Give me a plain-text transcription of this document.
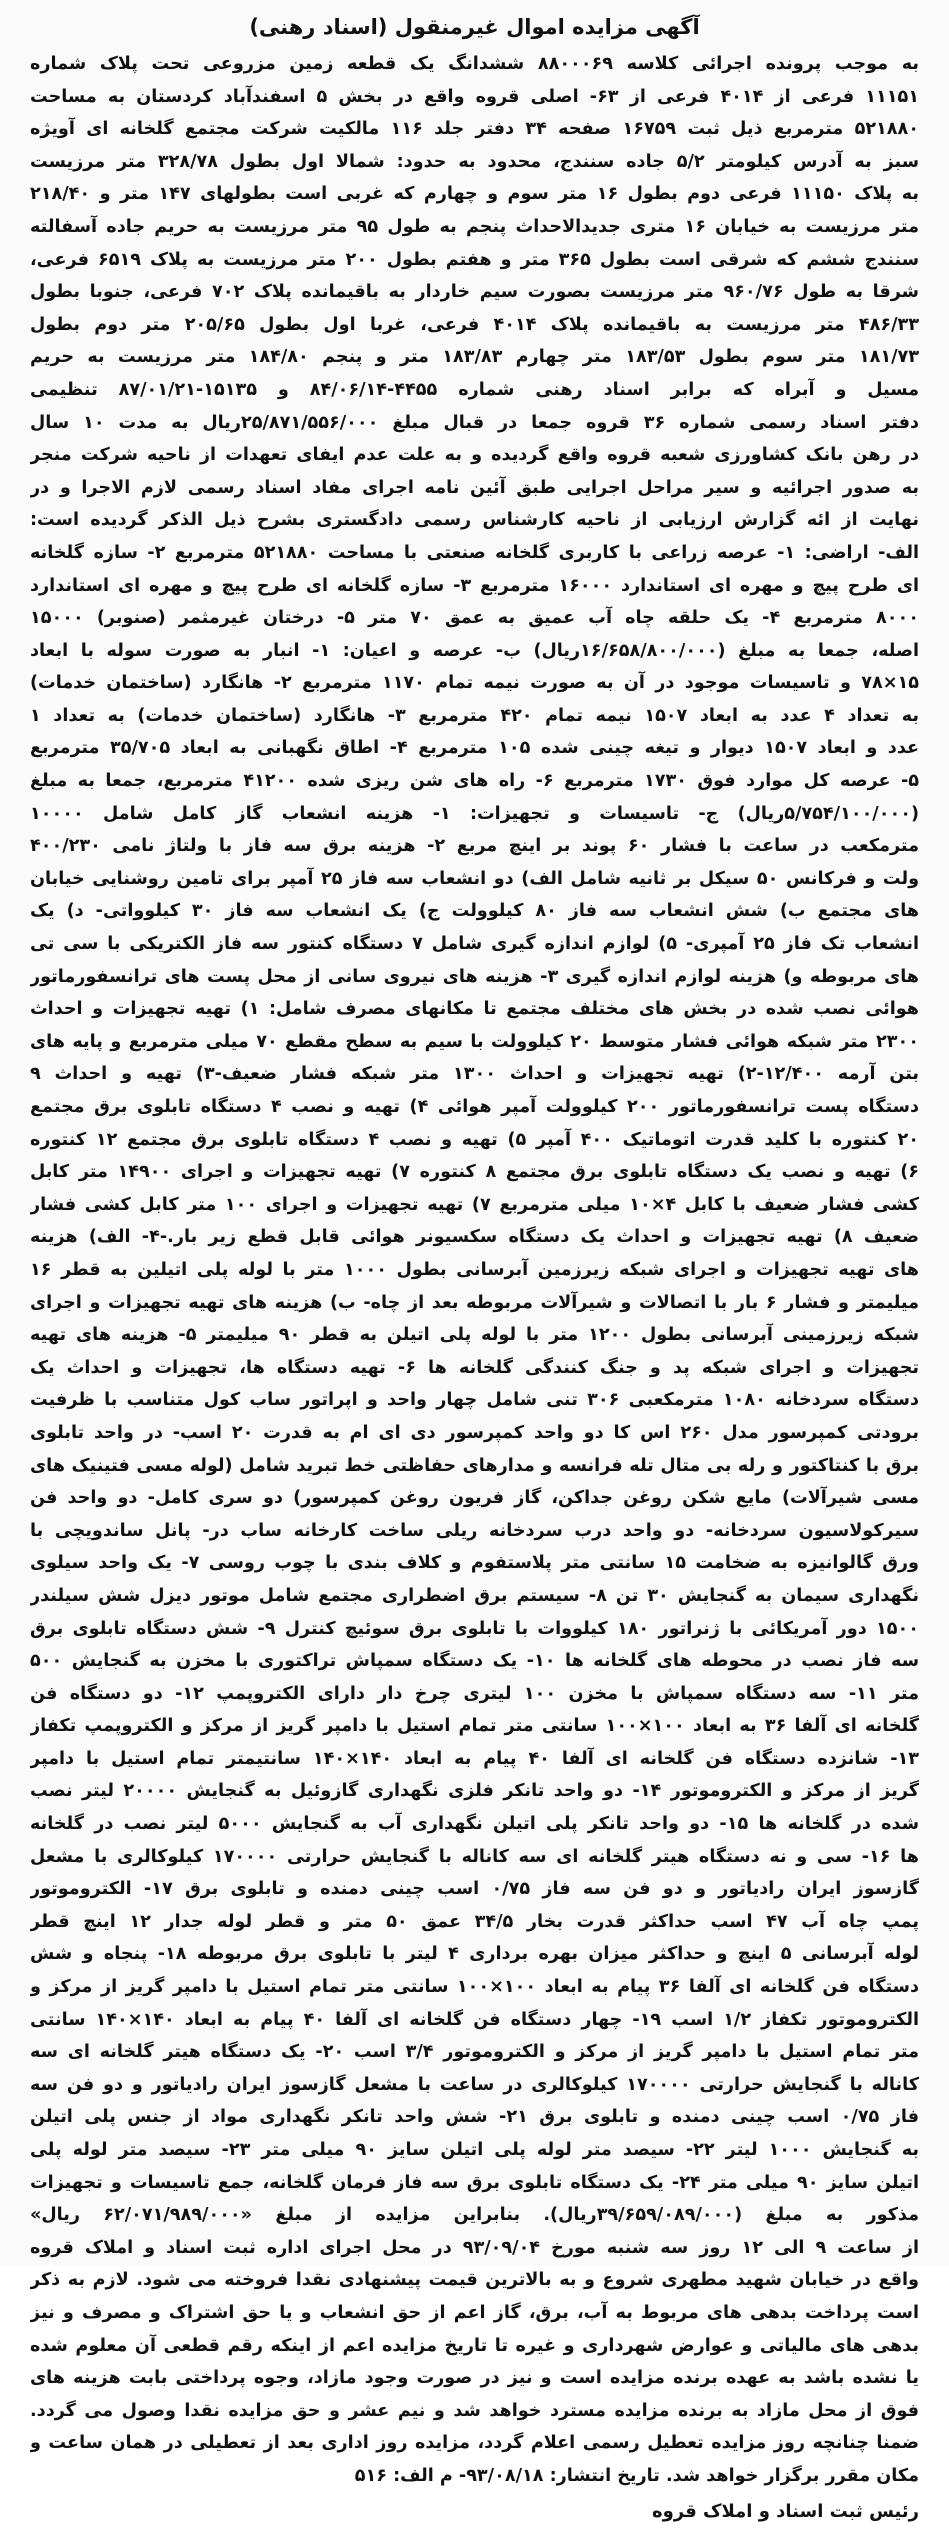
آگهی مزایده اموال غیرمنقول (اسناد رهنی)
به موجب پرونده اجرائی کلاسه ۸۸۰۰۰۶۹ ششدانگ یک قطعه زمین مزروعی تحت پلاک شماره
۱۱۱۵۱ فرعی از ۴۰۱۴ فرعی از ۶۳- اصلی قروه واقع در بخش ۵ اسفندآباد کردستان به مساحت
۵۲۱۸۸۰ مترمربع ذیل ثبت ۱۶۷۵۹ صفحه ۳۴ دفتر جلد ۱۱۶ مالکیت شرکت مجتمع گلخانه ای آویژه
سبز به آدرس کیلومتر ۵/۲ جاده سنندج، محدود به حدود: شمالا اول بطول ۳۲۸/۷۸ متر مرزیست
به پلاک ۱۱۱۵۰ فرعی دوم بطول ۱۶ متر سوم و چهارم که غربی است بطولهای ۱۴۷ متر و ۲۱۸/۴۰
متر مرزیست به خیابان ۱۶ متری جدیدالاحداث پنجم به طول ۹۵ متر مرزیست به حریم جاده آسفالته
سنندج ششم که شرقی است بطول ۳۶۵ متر و هفتم بطول ۲۰۰ متر مرزیست به پلاک ۶۵۱۹ فرعی،
شرقا به طول ۹۶۰/۷۶ متر مرزیست بصورت سیم خاردار به باقیمانده پلاک ۷۰۲ فرعی، جنوبا بطول
۴۸۶/۳۳ متر مرزیست به باقیمانده پلاک ۴۰۱۴ فرعی، غربا اول بطول ۲۰۵/۶۵ متر دوم بطول
۱۸۱/۷۳ متر سوم بطول ۱۸۳/۵۳ متر چهارم ۱۸۳/۸۳ متر و پنجم ۱۸۴/۸۰ متر مرزیست به حریم
مسیل و آبراه که برابر اسناد رهنی شماره ۴۴۵۵-۸۴/۰۶/۱۴ و ۱۵۱۳۵-۸۷/۰۱/۲۱ تنظیمی
دفتر اسناد رسمی شماره ۳۶ قروه جمعا در قبال مبلغ ۲۵/۸۷۱/۵۵۶/۰۰۰ریال به مدت ۱۰ سال
در رهن بانک کشاورزی شعبه قروه واقع گردیده و به علت عدم ایفای تعهدات از ناحیه شرکت منجر
به صدور اجرائیه و سیر مراحل اجرایی طبق آئین نامه اجرای مفاد اسناد رسمی لازم الاجرا و در
نهایت از ائه گزارش ارزیابی از ناحیه کارشناس رسمی دادگستری بشرح ذیل الذکر گردیده است:
الف- اراضی: ۱- عرصه زراعی با کاربری گلخانه صنعتی با مساحت ۵۲۱۸۸۰ مترمربع ۲- سازه گلخانه
ای طرح پیچ و مهره ای استاندارد ۱۶۰۰۰ مترمربع ۳- سازه گلخانه ای طرح پیچ و مهره ای استاندارد
۸۰۰۰ مترمربع ۴- یک حلقه چاه آب عمیق به عمق ۷۰ متر ۵- درختان غیرمثمر (صنوبر) ۱۵۰۰۰
اصله، جمعا به مبلغ (۱۶/۶۵۸/۸۰۰/۰۰۰ریال) ب- عرصه و اعیان: ۱- انبار به صورت سوله با ابعاد
۱۵×۷۸ و تاسیسات موجود در آن به صورت نیمه تمام ۱۱۷۰ مترمربع ۲- هانگارد (ساختمان خدمات)
به تعداد ۴ عدد به ابعاد ۱۵۰۷ نیمه تمام ۴۲۰ مترمربع ۳- هانگارد (ساختمان خدمات) به تعداد ۱
عدد و ابعاد ۱۵۰۷ دیوار و تیغه چینی شده ۱۰۵ مترمربع ۴- اطاق نگهبانی به ابعاد ۳۵/۷۰۵ مترمربع
۵- عرصه کل موارد فوق ۱۷۳۰ مترمربع ۶- راه های شن ریزی شده ۴۱۲۰۰ مترمربع، جمعا به مبلغ
(۵/۷۵۴/۱۰۰/۰۰۰ریال) ج- تاسیسات و تجهیزات: ۱- هزینه انشعاب گاز کامل شامل ۱۰۰۰۰
مترمکعب در ساعت با فشار ۶۰ پوند بر اینچ مربع ۲- هزینه برق سه فاز با ولتاژ نامی ۴۰۰/۲۳۰
ولت و فرکانس ۵۰ سیکل بر ثانیه شامل الف) دو انشعاب سه فاز ۲۵ آمپر برای تامین روشنایی خیابان
های مجتمع ب) شش انشعاب سه فاز ۸۰ کیلوولت ج) یک انشعاب سه فاز ۳۰ کیلوواتی- د) یک
انشعاب تک فاز ۲۵ آمپری- ۵) لوازم اندازه گیری شامل ۷ دستگاه کنتور سه فاز الکتریکی با سی تی
های مربوطه و) هزینه لوازم اندازه گیری ۳- هزینه های نیروی سانی از محل پست های ترانسفورماتور
هوائی نصب شده در بخش های مختلف مجتمع تا مکانهای مصرف شامل: ۱) تهیه تجهیزات و احداث
۲۳۰۰ متر شبکه هوائی فشار متوسط ۲۰ کیلوولت با سیم به سطح مقطع ۷۰ میلی مترمربع و پایه های
بتن آرمه ۱۲/۴۰۰-۲) تهیه تجهیزات و احداث ۱۳۰۰ متر شبکه فشار ضعیف-۳) تهیه و احداث ۹
دستگاه پست ترانسفورماتور ۲۰۰ کیلوولت آمپر هوائی ۴) تهیه و نصب ۴ دستگاه تابلوی برق مجتمع
۲۰ کنتوره با کلید قدرت اتوماتیک ۴۰۰ آمپر ۵) تهیه و نصب ۴ دستگاه تابلوی برق مجتمع ۱۲ کنتوره
۶) تهیه و نصب یک دستگاه تابلوی برق مجتمع ۸ کنتوره ۷) تهیه تجهیزات و اجرای ۱۴۹۰۰ متر کابل
کشی فشار ضعیف با کابل ۴×۱۰ میلی مترمربع ۷) تهیه تجهیزات و اجرای ۱۰۰ متر کابل کشی فشار
ضعیف ۸) تهیه تجهیزات و احداث یک دستگاه سکسیونر هوائی قابل قطع زیر بار.-۴- الف) هزینه
های تهیه تجهیزات و اجرای شبکه زیرزمین آبرسانی بطول ۱۰۰۰ متر با لوله پلی اتیلین به قطر ۱۶
میلیمتر و فشار ۶ بار با اتصالات و شیرآلات مربوطه بعد از چاه- ب) هزینه های تهیه تجهیزات و اجرای
شبکه زیرزمینی آبرسانی بطول ۱۲۰۰ متر با لوله پلی اتیلن به قطر ۹۰ میلیمتر ۵- هزینه های تهیه
تجهیزات و اجرای شبکه پد و جنگ کنندگی گلخانه ها ۶- تهیه دستگاه ها، تجهیزات و احداث یک
دستگاه سردخانه ۱۰۸۰ مترمکعبی ۳۰۶ تنی شامل چهار واحد و اپراتور ساب کول متناسب با ظرفیت
برودتی کمپرسور مدل ۲۶۰ اس کا دو واحد کمپرسور دی ای ام به قدرت ۲۰ اسب- در واحد تابلوی
برق با کنتاکتور و رله بی متال تله فرانسه و مدارهای حفاظتی خط تبرید شامل (لوله مسی فتینیک های
مسی شیرآلات) مایع شکن روغن جداکن، گاز فریون روغن کمپرسور) دو سری کامل- دو واحد فن
سیرکولاسیون سردخانه- دو واحد درب سردخانه ریلی ساخت کارخانه ساب در- پانل ساندویچی با
ورق گالوانیزه به ضخامت ۱۵ سانتی متر پلاستفوم و کلاف بندی با چوب روسی ۷- یک واحد سیلوی
نگهداری سیمان به گنجایش ۳۰ تن ۸- سیستم برق اضطراری مجتمع شامل موتور دیزل شش سیلندر
۱۵۰۰ دور آمریکائی با ژنراتور ۱۸۰ کیلووات با تابلوی برق سوئیچ کنترل ۹- شش دستگاه تابلوی برق
سه فاز نصب در محوطه های گلخانه ها ۱۰- یک دستگاه سمپاش تراکتوری با مخزن به گنجایش ۵۰۰
متر ۱۱- سه دستگاه سمپاش با مخزن ۱۰۰ لیتری چرخ دار دارای الکتروپمپ ۱۲- دو دستگاه فن
گلخانه ای آلفا ۳۶ به ابعاد ۱۰۰×۱۰۰ سانتی متر تمام استیل با دامپر گریز از مرکز و الکتروپمپ تکفاز
۱۳- شانزده دستگاه فن گلخانه ای آلفا ۴۰ پیام به ابعاد ۱۴۰×۱۴۰ سانتیمتر تمام استیل با دامپر
گریز از مرکز و الکتروموتور ۱۴- دو واحد تانکر فلزی نگهداری گازوئیل به گنجایش ۲۰۰۰۰ لیتر نصب
شده در گلخانه ها ۱۵- دو واحد تانکر پلی اتیلن نگهداری آب به گنجایش ۵۰۰۰ لیتر نصب در گلخانه
ها ۱۶- سی و نه دستگاه هیتر گلخانه ای سه کاناله با گنجایش حرارتی ۱۷۰۰۰۰ کیلوکالری با مشعل
گازسوز ایران رادیاتور و دو فن سه فاز ۰/۷۵ اسب چینی دمنده و تابلوی برق ۱۷- الکتروموتور
پمپ چاه آب ۴۷ اسب حداکثر قدرت بخار ۳۴/۵ عمق ۵۰ متر و قطر لوله جدار ۱۲ اینچ قطر
لوله آبرسانی ۵ اینچ و حداکثر میزان بهره برداری ۴ لیتر با تابلوی برق مربوطه ۱۸- پنجاه و شش
دستگاه فن گلخانه ای آلفا ۳۶ پیام به ابعاد ۱۰۰×۱۰۰ سانتی متر تمام استیل با دامپر گریز از مرکز و
الکتروموتور تکفاز ۱/۲ اسب ۱۹- چهار دستگاه فن گلخانه ای آلفا ۴۰ پیام به ابعاد ۱۴۰×۱۴۰ سانتی
متر تمام استیل با دامپر گریز از مرکز و الکتروموتور ۳/۴ اسب ۲۰- یک دستگاه هیتر گلخانه ای سه
کاناله با گنجایش حرارتی ۱۷۰۰۰۰ کیلوکالری در ساعت با مشعل گازسوز ایران رادیاتور و دو فن سه
فاز ۰/۷۵ اسب چینی دمنده و تابلوی برق ۲۱- شش واحد تانکر نگهداری مواد از جنس پلی اتیلن
به گنجایش ۱۰۰۰ لیتر ۲۲- سیصد متر لوله پلی اتیلن سایز ۹۰ میلی متر ۲۳- سیصد متر لوله پلی
اتیلن سایز ۹۰ میلی متر ۲۴- یک دستگاه تابلوی برق سه فاز فرمان گلخانه، جمع تاسیسات و تجهیزات
مذکور به مبلغ (۳۹/۶۵۹/۰۸۹/۰۰۰ریال). بنابراین مزایده از مبلغ «۶۲/۰۷۱/۹۸۹/۰۰۰ ریال»
از ساعت ۹ الی ۱۲ روز سه شنبه مورخ ۹۳/۰۹/۰۴ در محل اجرای اداره ثبت اسناد و املاک قروه
واقع در خیابان شهید مطهری شروع و به بالاترین قیمت پیشنهادی نقدا فروخته می شود. لازم به ذکر
است پرداخت بدهی های مربوط به آب، برق، گاز اعم از حق انشعاب و یا حق اشتراک و مصرف و نیز
بدهی های مالیاتی و عوارض شهرداری و غیره تا تاریخ مزایده اعم از اینکه رقم قطعی آن معلوم شده
یا نشده باشد به عهده برنده مزایده است و نیز در صورت وجود مازاد، وجوه پرداختی بابت هزینه های
فوق از محل مازاد به برنده مزایده مسترد خواهد شد و نیم عشر و حق مزایده نقدا وصول می گردد.
ضمنا چنانچه روز مزایده تعطیل رسمی اعلام گردد، مزایده روز اداری بعد از تعطیلی در همان ساعت و
مکان مقرر برگزار خواهد شد. تاریخ انتشار: ۹۳/۰۸/۱۸- م الف: ۵۱۶
رئیس ثبت اسناد و املاک قروه
